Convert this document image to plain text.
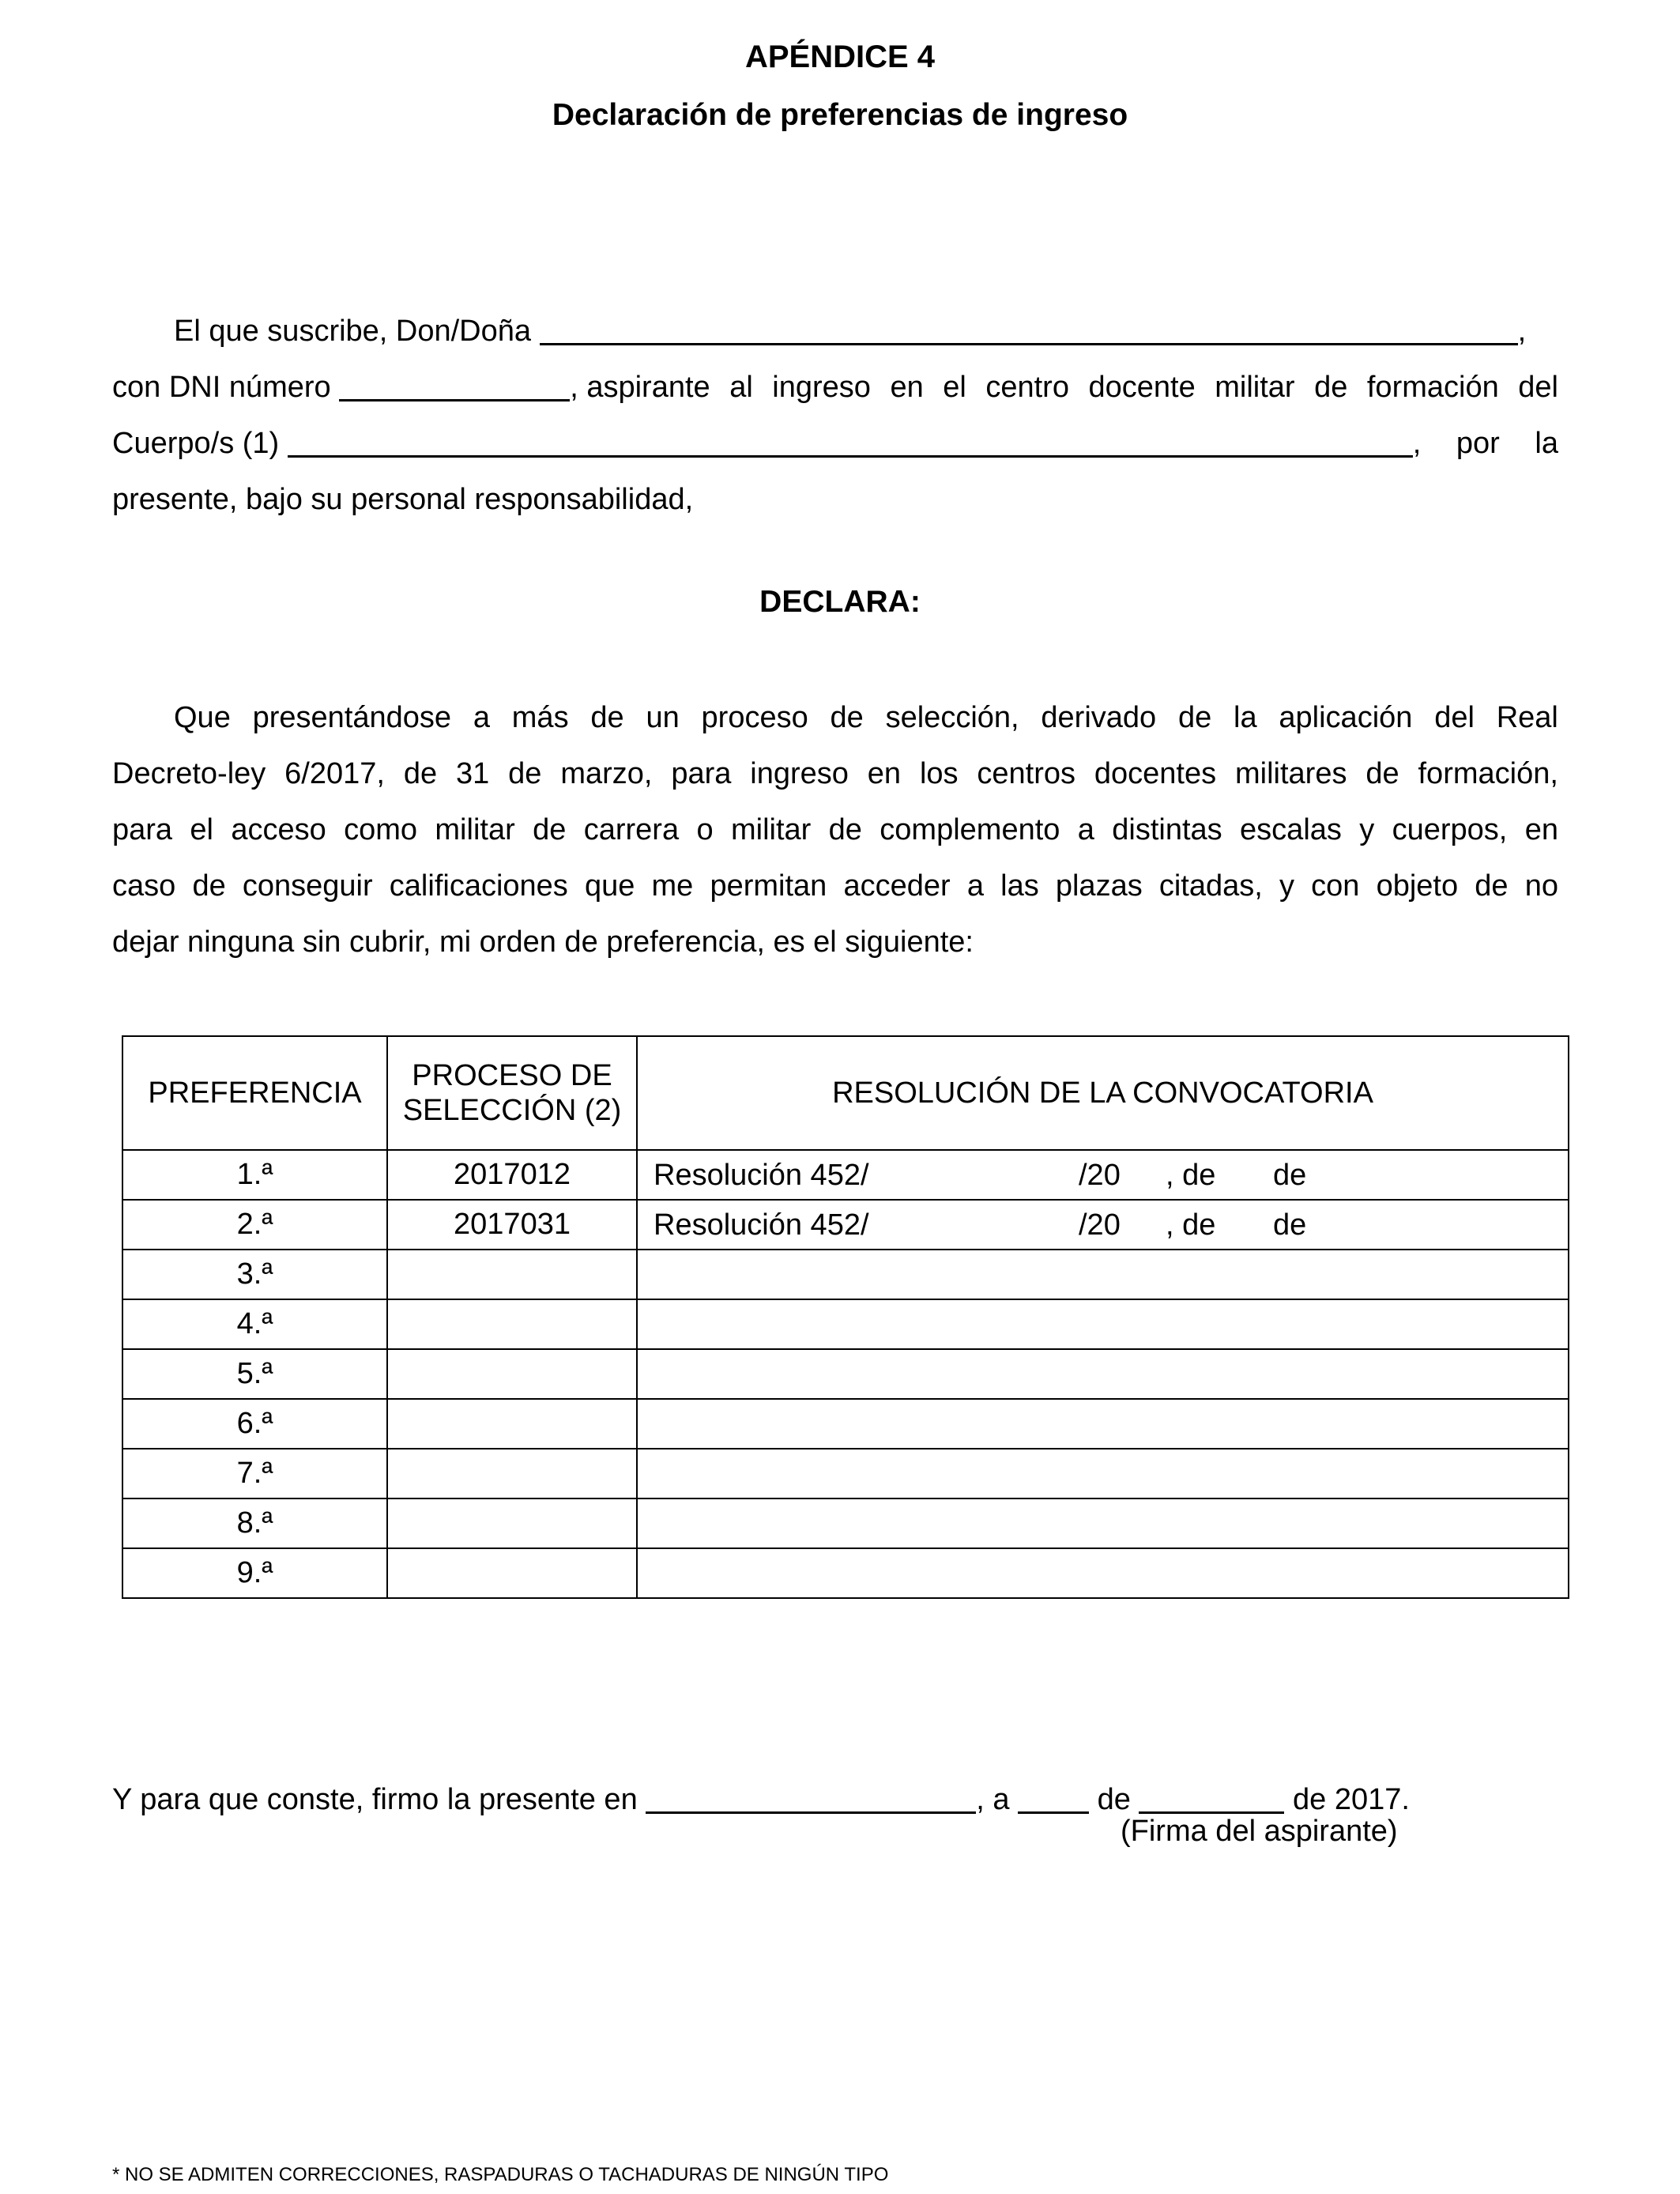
APÉNDICE 4
Declaración de preferencias de ingreso
El que suscribe, Don/Doña	,
con DNI número	, aspirante al ingreso en el centro docente militar de formación del
Cuerpo/s (1)	, por la
presente, bajo su personal responsabilidad,
DECLARA:
Que presentándose a más de un proceso de selección, derivado de la aplicación del Real
Decreto-ley 6/2017, de 31 de marzo, para ingreso en los centros docentes militares de formación,
para el acceso como militar de carrera o militar de complemento a distintas escalas y cuerpos, en
caso de conseguir calificaciones que me permitan acceder a las plazas citadas, y con objeto de no
dejar ninguna sin cubrir, mi orden de preferencia, es el siguiente:
PREFERENCIA	PROCESO DE SELECCIÓN (2)	RESOLUCIÓN DE LA CONVOCATORIA
1.ª	2017012	Resolución 452/ /20 , de de

2.ª	2017031	Resolución 452/ /20 , de de

3.ª		

4.ª		

5.ª		

6.ª		

7.ª		

8.ª		

9.ª		
Y para que conste, firmo la presente en	, a	de	de 2017.
(Firma del aspirante)
* NO SE ADMITEN CORRECCIONES, RASPADURAS O TACHADURAS DE NINGÚN TIPO
